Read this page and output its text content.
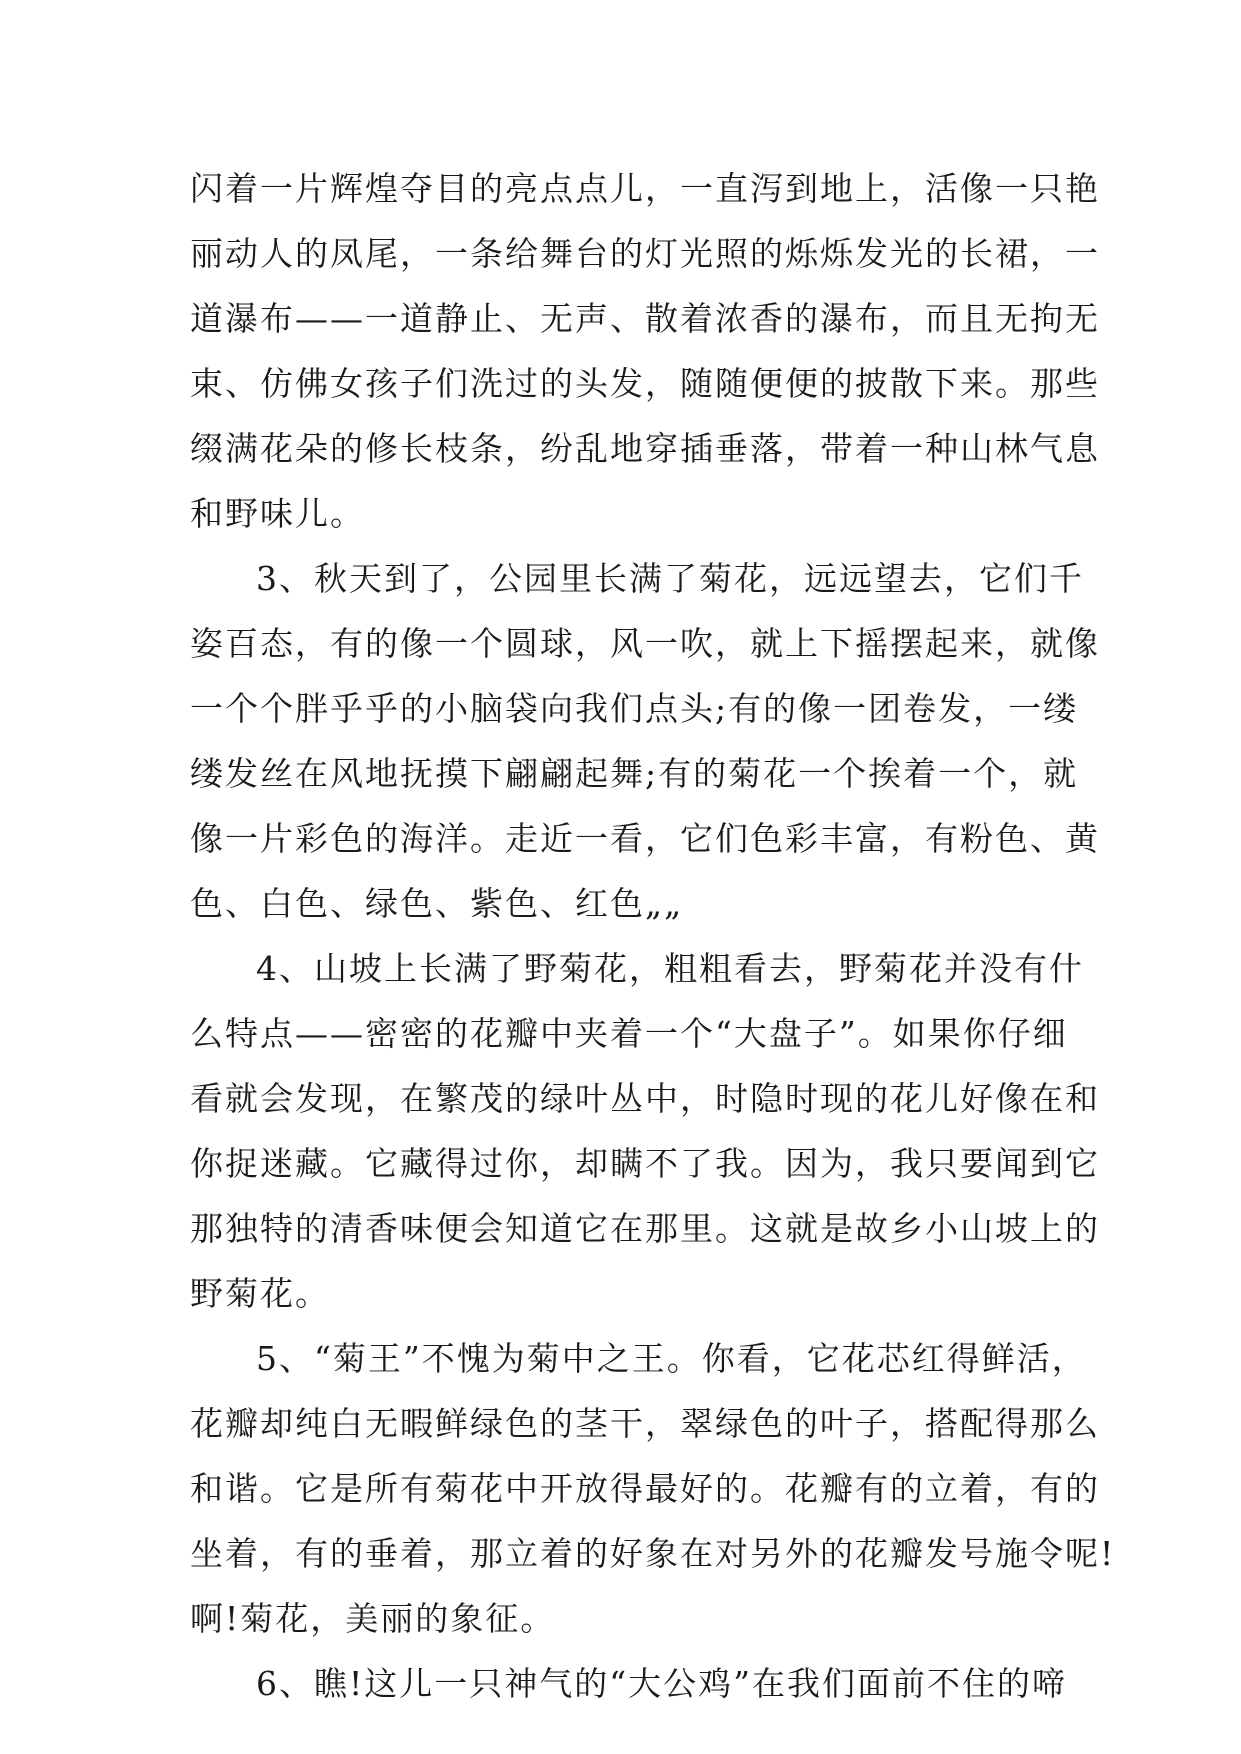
闪着一片辉煌夺目的亮点点儿，一直泻到地上，活像一只艳
丽动人的凤尾，一条给舞台的灯光照的烁烁发光的长裙，一
道瀑布——一道静止、无声、散着浓香的瀑布，而且无拘无
束、仿佛女孩子们洗过的头发，随随便便的披散下来。那些
缀满花朵的修长枝条，纷乱地穿插垂落，带着一种山林气息
和野味儿。

3、秋天到了，公园里长满了菊花，远远望去，它们千
姿百态，有的像一个圆球，风一吹，就上下摇摆起来，就像
一个个胖乎乎的小脑袋向我们点头;有的像一团卷发，一缕
缕发丝在风地抚摸下翩翩起舞;有的菊花一个挨着一个，就
像一片彩色的海洋。走近一看，它们色彩丰富，有粉色、黄
色、白色、绿色、紫色、红色„„

4、山坡上长满了野菊花，粗粗看去，野菊花并没有什
么特点——密密的花瓣中夹着一个“大盘子”。如果你仔细
看就会发现，在繁茂的绿叶丛中，时隐时现的花儿好像在和
你捉迷藏。它藏得过你，却瞒不了我。因为，我只要闻到它
那独特的清香味便会知道它在那里。这就是故乡小山坡上的
野菊花。

5、“菊王”不愧为菊中之王。你看，它花芯红得鲜活，
花瓣却纯白无暇鲜绿色的茎干，翠绿色的叶子，搭配得那么
和谐。它是所有菊花中开放得最好的。花瓣有的立着，有的
坐着，有的垂着，那立着的好象在对另外的花瓣发号施令呢!
啊!菊花，美丽的象征。

6、瞧!这儿一只神气的“大公鸡”在我们面前不住的啼
